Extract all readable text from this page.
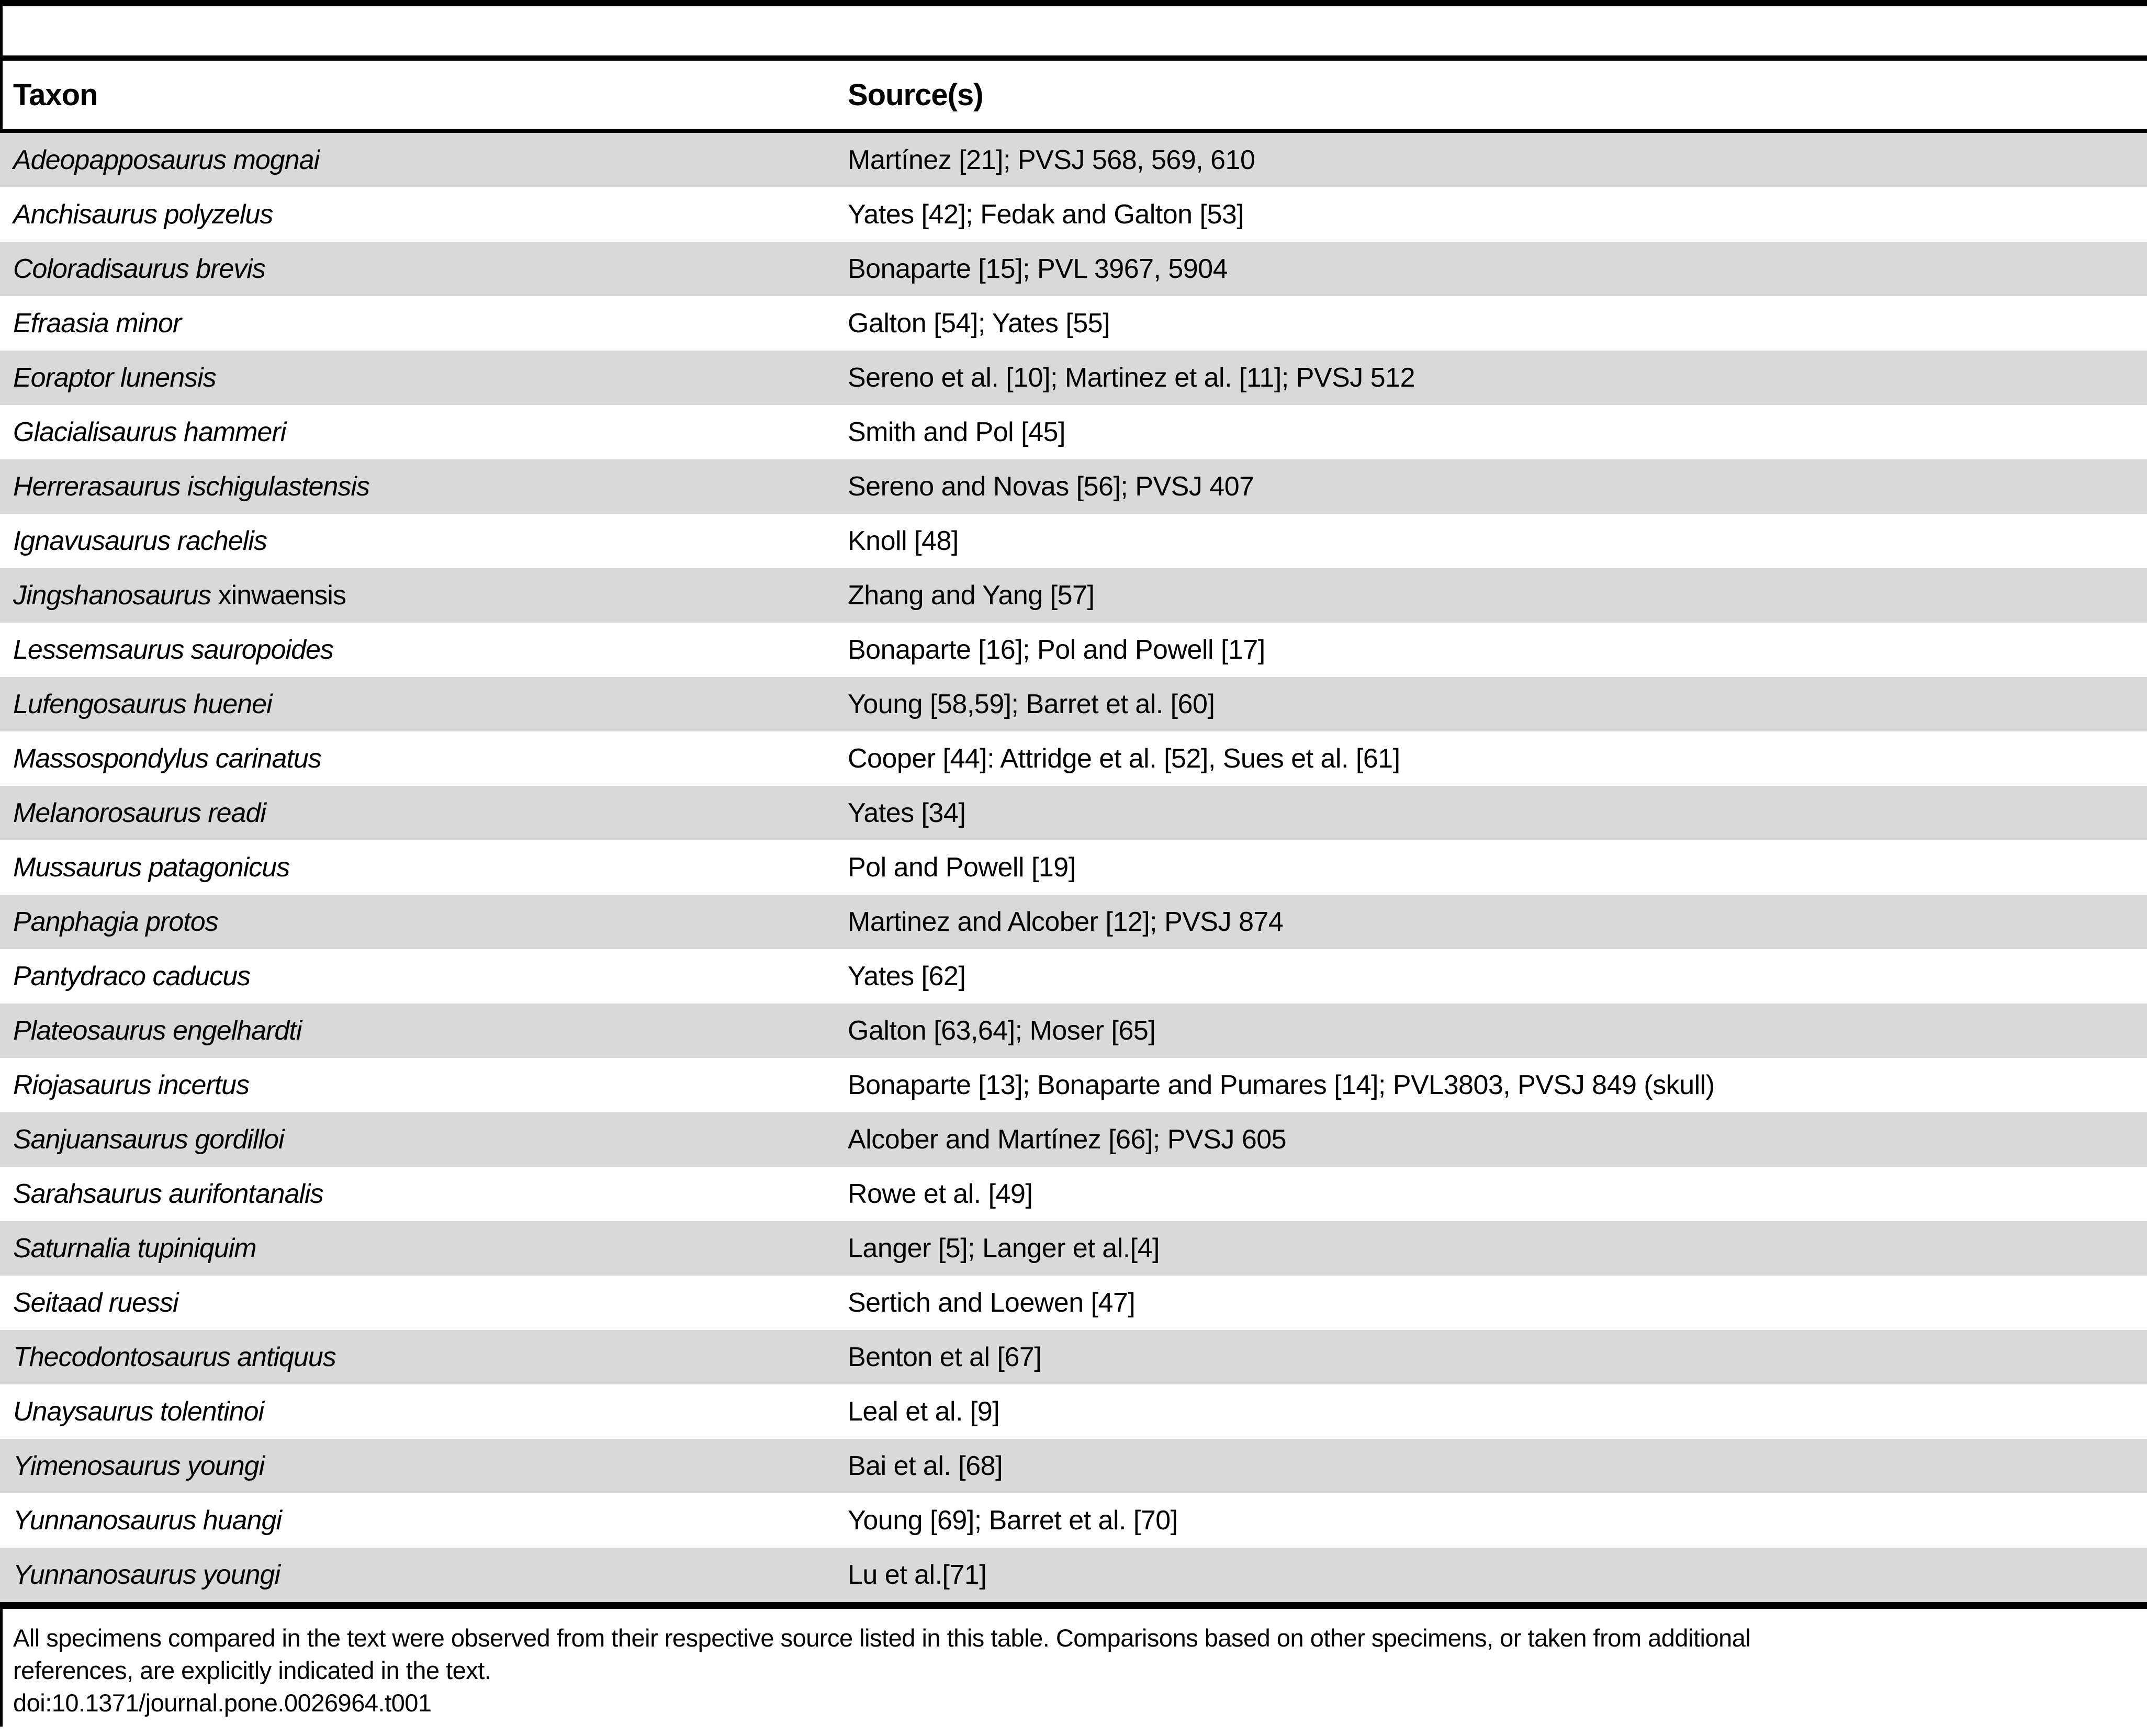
Taxon	Source(s)
Adeopapposaurus mognai	Martínez [21]; PVSJ 568, 569, 610
Anchisaurus polyzelus	Yates [42]; Fedak and Galton [53]
Coloradisaurus brevis	Bonaparte [15]; PVL 3967, 5904
Efraasia minor	Galton [54]; Yates [55]
Eoraptor lunensis	Sereno et al. [10]; Martinez et al. [11]; PVSJ 512
Glacialisaurus hammeri	Smith and Pol [45]
Herrerasaurus ischigulastensis	Sereno and Novas [56]; PVSJ 407
Ignavusaurus rachelis	Knoll [48]
Jingshanosaurus xinwaensis	Zhang and Yang [57]
Lessemsaurus sauropoides	Bonaparte [16]; Pol and Powell [17]
Lufengosaurus huenei	Young [58,59]; Barret et al. [60]
Massospondylus carinatus	Cooper [44]: Attridge et al. [52], Sues et al. [61]
Melanorosaurus readi	Yates [34]
Mussaurus patagonicus	Pol and Powell [19]
Panphagia protos	Martinez and Alcober [12]; PVSJ 874
Pantydraco caducus	Yates [62]
Plateosaurus engelhardti	Galton [63,64]; Moser [65]
Riojasaurus incertus	Bonaparte [13]; Bonaparte and Pumares [14]; PVL3803, PVSJ 849 (skull)
Sanjuansaurus gordilloi	Alcober and Martínez [66]; PVSJ 605
Sarahsaurus aurifontanalis	Rowe et al. [49]
Saturnalia tupiniquim	Langer [5]; Langer et al.[4]
Seitaad ruessi	Sertich and Loewen [47]
Thecodontosaurus antiquus	Benton et al [67]
Unaysaurus tolentinoi	Leal et al. [9]
Yimenosaurus youngi	Bai et al. [68]
Yunnanosaurus huangi	Young [69]; Barret et al. [70]
Yunnanosaurus youngi	Lu et al.[71]
All specimens compared in the text were observed from their respective source listed in this table. Comparisons based on other specimens, or taken from additional
references, are explicitly indicated in the text.
doi:10.1371/journal.pone.0026964.t001
